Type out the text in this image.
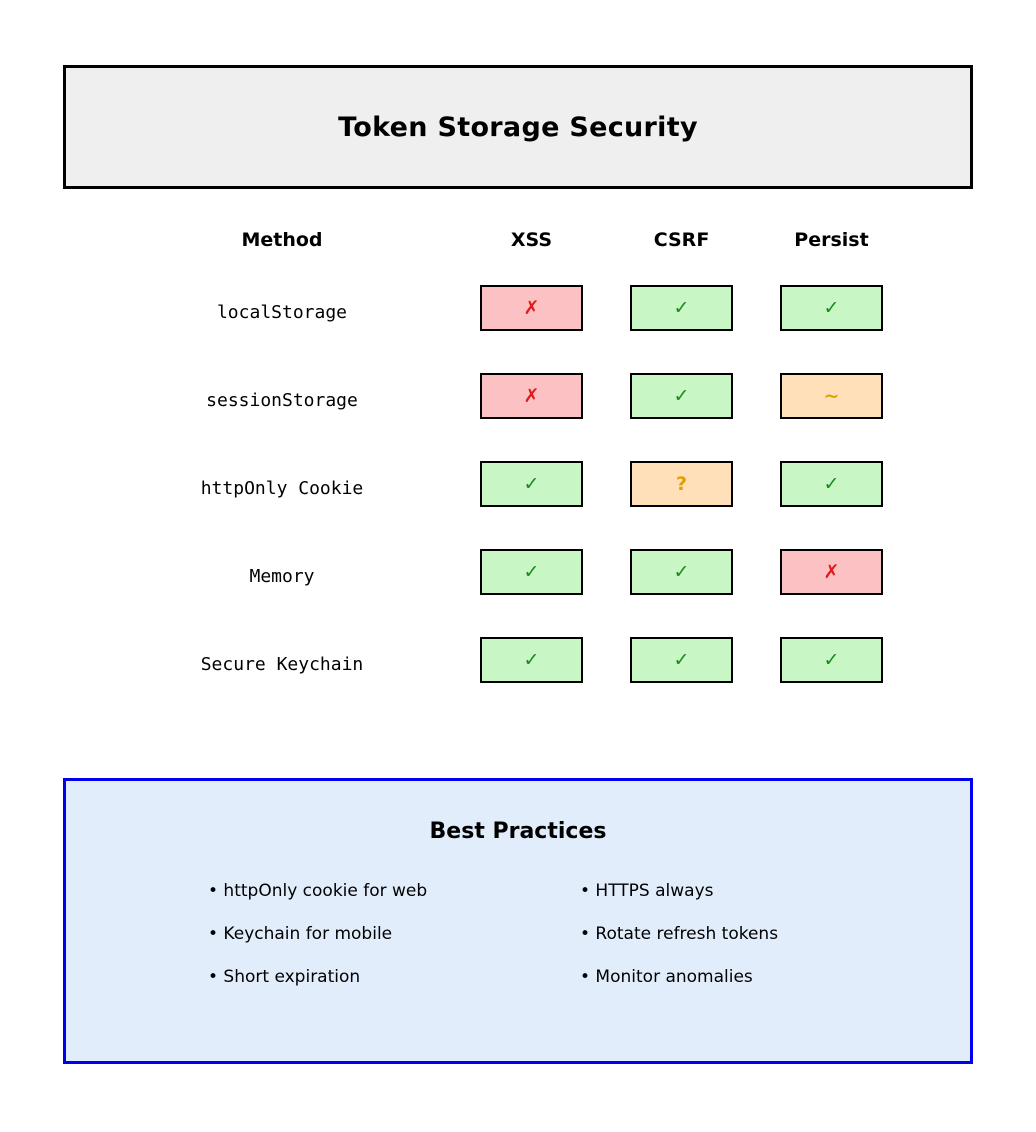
Token Storage Security
Method	XSS	CSRF	Persist
localStorage	✗	✓	✓
sessionStorage	✗	✓	~
httpOnly Cookie	✓	?	✓
Memory	✓	✓	✗
Secure Keychain	✓	✓	✓
Best Practices
• httpOnly cookie for web
• Keychain for mobile
• Short expiration
• HTTPS always
• Rotate refresh tokens
• Monitor anomalies
